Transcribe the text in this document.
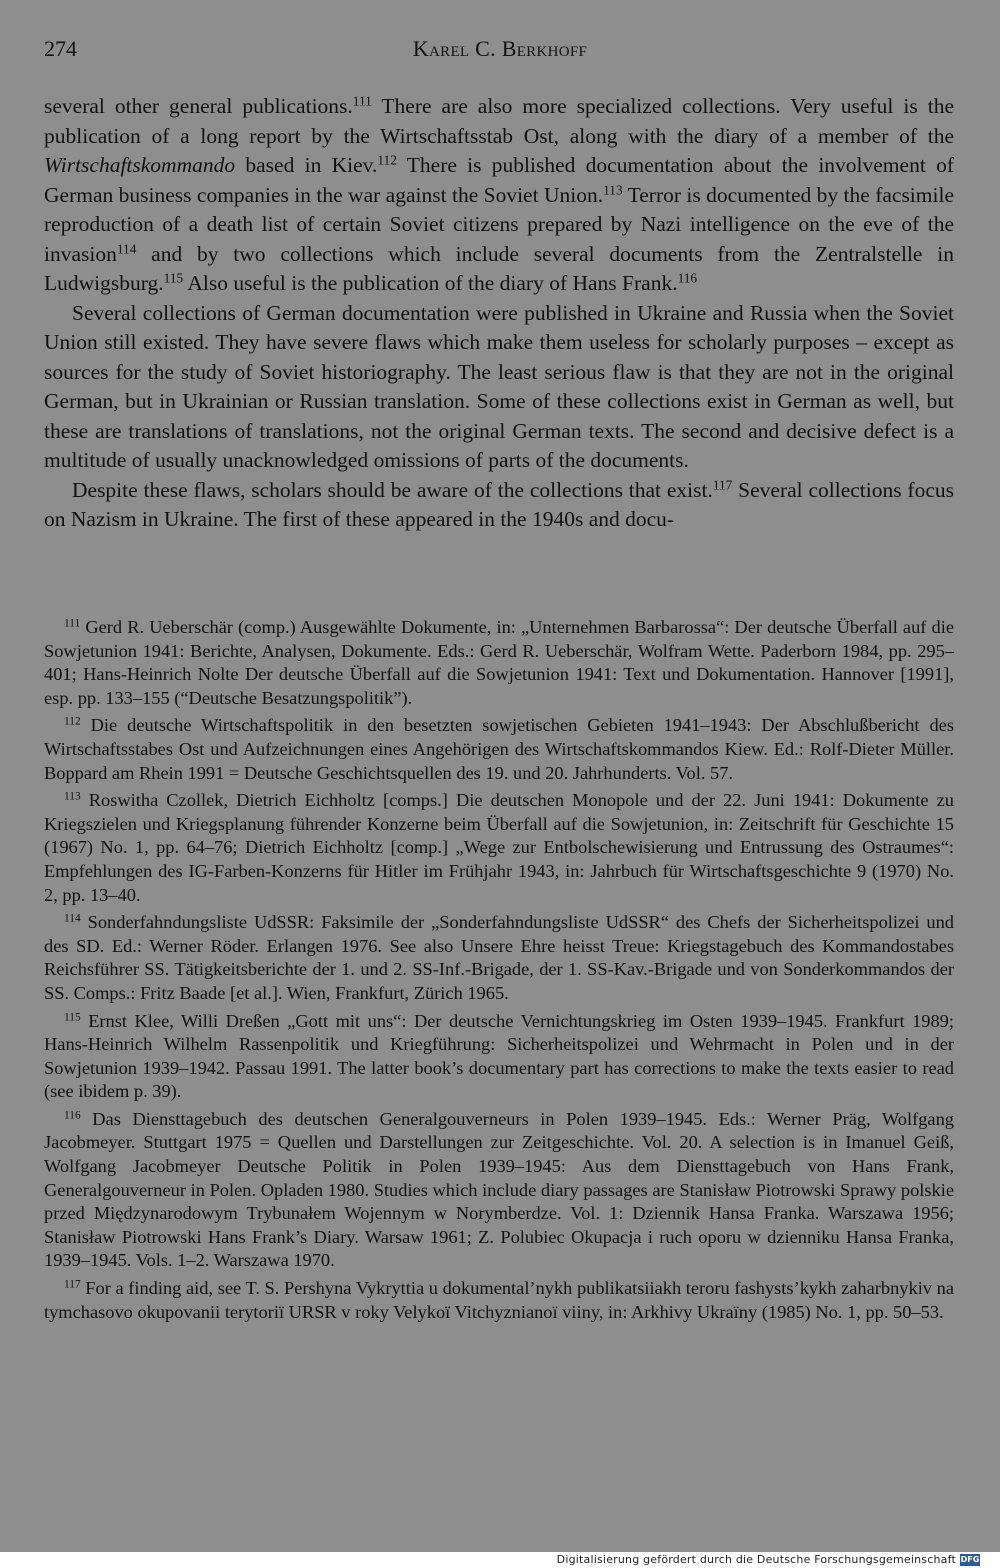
274	Karel C. Berkhoff

several other general publications.$^{111}$ There are also more specialized collections. Very useful is the publication of a long report by the Wirtschaftsstab Ost, along with the diary of a member of the Wirtschaftskommando based in Kiev.$^{112}$ There is published documentation about the involvement of German business companies in the war against the Soviet Union.$^{113}$ Terror is documented by the facsimile reproduction of a death list of certain Soviet citizens prepared by Nazi intelligence on the eve of the invasion$^{114}$ and by two collections which include several documents from the Zentralstelle in Ludwigsburg.$^{115}$ Also useful is the publication of the diary of Hans Frank.$^{116}$

Several collections of German documentation were published in Ukraine and Russia when the Soviet Union still existed. They have severe flaws which make them useless for scholarly purposes – except as sources for the study of Soviet historiography. The least serious flaw is that they are not in the original German, but in Ukrainian or Russian translation. Some of these collections exist in German as well, but these are translations of translations, not the original German texts. The second and decisive defect is a multitude of usually unacknowledged omissions of parts of the documents.

Despite these flaws, scholars should be aware of the collections that exist.$^{117}$ Several collections focus on Nazism in Ukraine. The first of these appeared in the 1940s and docu-

$^{111}$ Gerd R. Ueberschär (comp.) Ausgewählte Dokumente, in: „Unternehmen Barbarossa“: Der deutsche Überfall auf die Sowjetunion 1941: Berichte, Analysen, Dokumente. Eds.: Gerd R. Ueberschär, Wolfram Wette. Paderborn 1984, pp. 295–401; Hans-Heinrich Nolte Der deutsche Überfall auf die Sowjetunion 1941: Text und Dokumentation. Hannover [1991], esp. pp. 133–155 (“Deutsche Besatzungspolitik”).

$^{112}$ Die deutsche Wirtschaftspolitik in den besetzten sowjetischen Gebieten 1941–1943: Der Abschlußbericht des Wirtschaftsstabes Ost und Aufzeichnungen eines Angehörigen des Wirtschaftskommandos Kiew. Ed.: Rolf-Dieter Müller. Boppard am Rhein 1991 = Deutsche Geschichtsquellen des 19. und 20. Jahrhunderts. Vol. 57.

$^{113}$ Roswitha Czollek, Dietrich Eichholtz [comps.] Die deutschen Monopole und der 22. Juni 1941: Dokumente zu Kriegszielen und Kriegsplanung führender Konzerne beim Überfall auf die Sowjetunion, in: Zeitschrift für Geschichte 15 (1967) No. 1, pp. 64–76; Dietrich Eichholtz [comp.] „Wege zur Entbolschewisierung und Entrussung des Ostraumes“: Empfehlungen des IG-Farben-Konzerns für Hitler im Frühjahr 1943, in: Jahrbuch für Wirtschaftsgeschichte 9 (1970) No. 2, pp. 13–40.

$^{114}$ Sonderfahndungsliste UdSSR: Faksimile der „Sonderfahndungsliste UdSSR“ des Chefs der Sicherheitspolizei und des SD. Ed.: Werner Röder. Erlangen 1976. See also Unsere Ehre heisst Treue: Kriegstagebuch des Kommandostabes Reichsführer SS. Tätigkeitsberichte der 1. und 2. SS-Inf.-Brigade, der 1. SS-Kav.-Brigade und von Sonderkommandos der SS. Comps.: Fritz Baade [et al.]. Wien, Frankfurt, Zürich 1965.

$^{115}$ Ernst Klee, Willi Dreßen „Gott mit uns“: Der deutsche Vernichtungskrieg im Osten 1939–1945. Frankfurt 1989; Hans-Heinrich Wilhelm Rassenpolitik und Kriegführung: Sicherheitspolizei und Wehrmacht in Polen und in der Sowjetunion 1939–1942. Passau 1991. The latter book’s documentary part has corrections to make the texts easier to read (see ibidem p. 39).

$^{116}$ Das Diensttagebuch des deutschen Generalgouverneurs in Polen 1939–1945. Eds.: Werner Präg, Wolfgang Jacobmeyer. Stuttgart 1975 = Quellen und Darstellungen zur Zeitgeschichte. Vol. 20. A selection is in Imanuel Geiß, Wolfgang Jacobmeyer Deutsche Politik in Polen 1939–1945: Aus dem Diensttagebuch von Hans Frank, Generalgouverneur in Polen. Opladen 1980. Studies which include diary passages are Stanisław Piotrowski Sprawy polskie przed Międzynarodowym Trybunałem Wojennym w Norymberdze. Vol. 1: Dziennik Hansa Franka. Warszawa 1956; Stanisław Piotrowski Hans Frank’s Diary. Warsaw 1961; Z. Polubiec Okupacja i ruch oporu w dzienniku Hansa Franka, 1939–1945. Vols. 1–2. Warszawa 1970.

$^{117}$ For a finding aid, see T. S. Pershyna Vykryttia u dokumental’nykh publikatsiiakh teroru fashysts’kykh zaharbnykiv na tymchasovo okupovanii terytoriï URSR v roky Velykoï Vitchyznianoï viiny, in: Arkhivy Ukraïny (1985) No. 1, pp. 50–53.

Digitalisierung gefördert durch die Deutsche Forschungsgemeinschaft DFG
